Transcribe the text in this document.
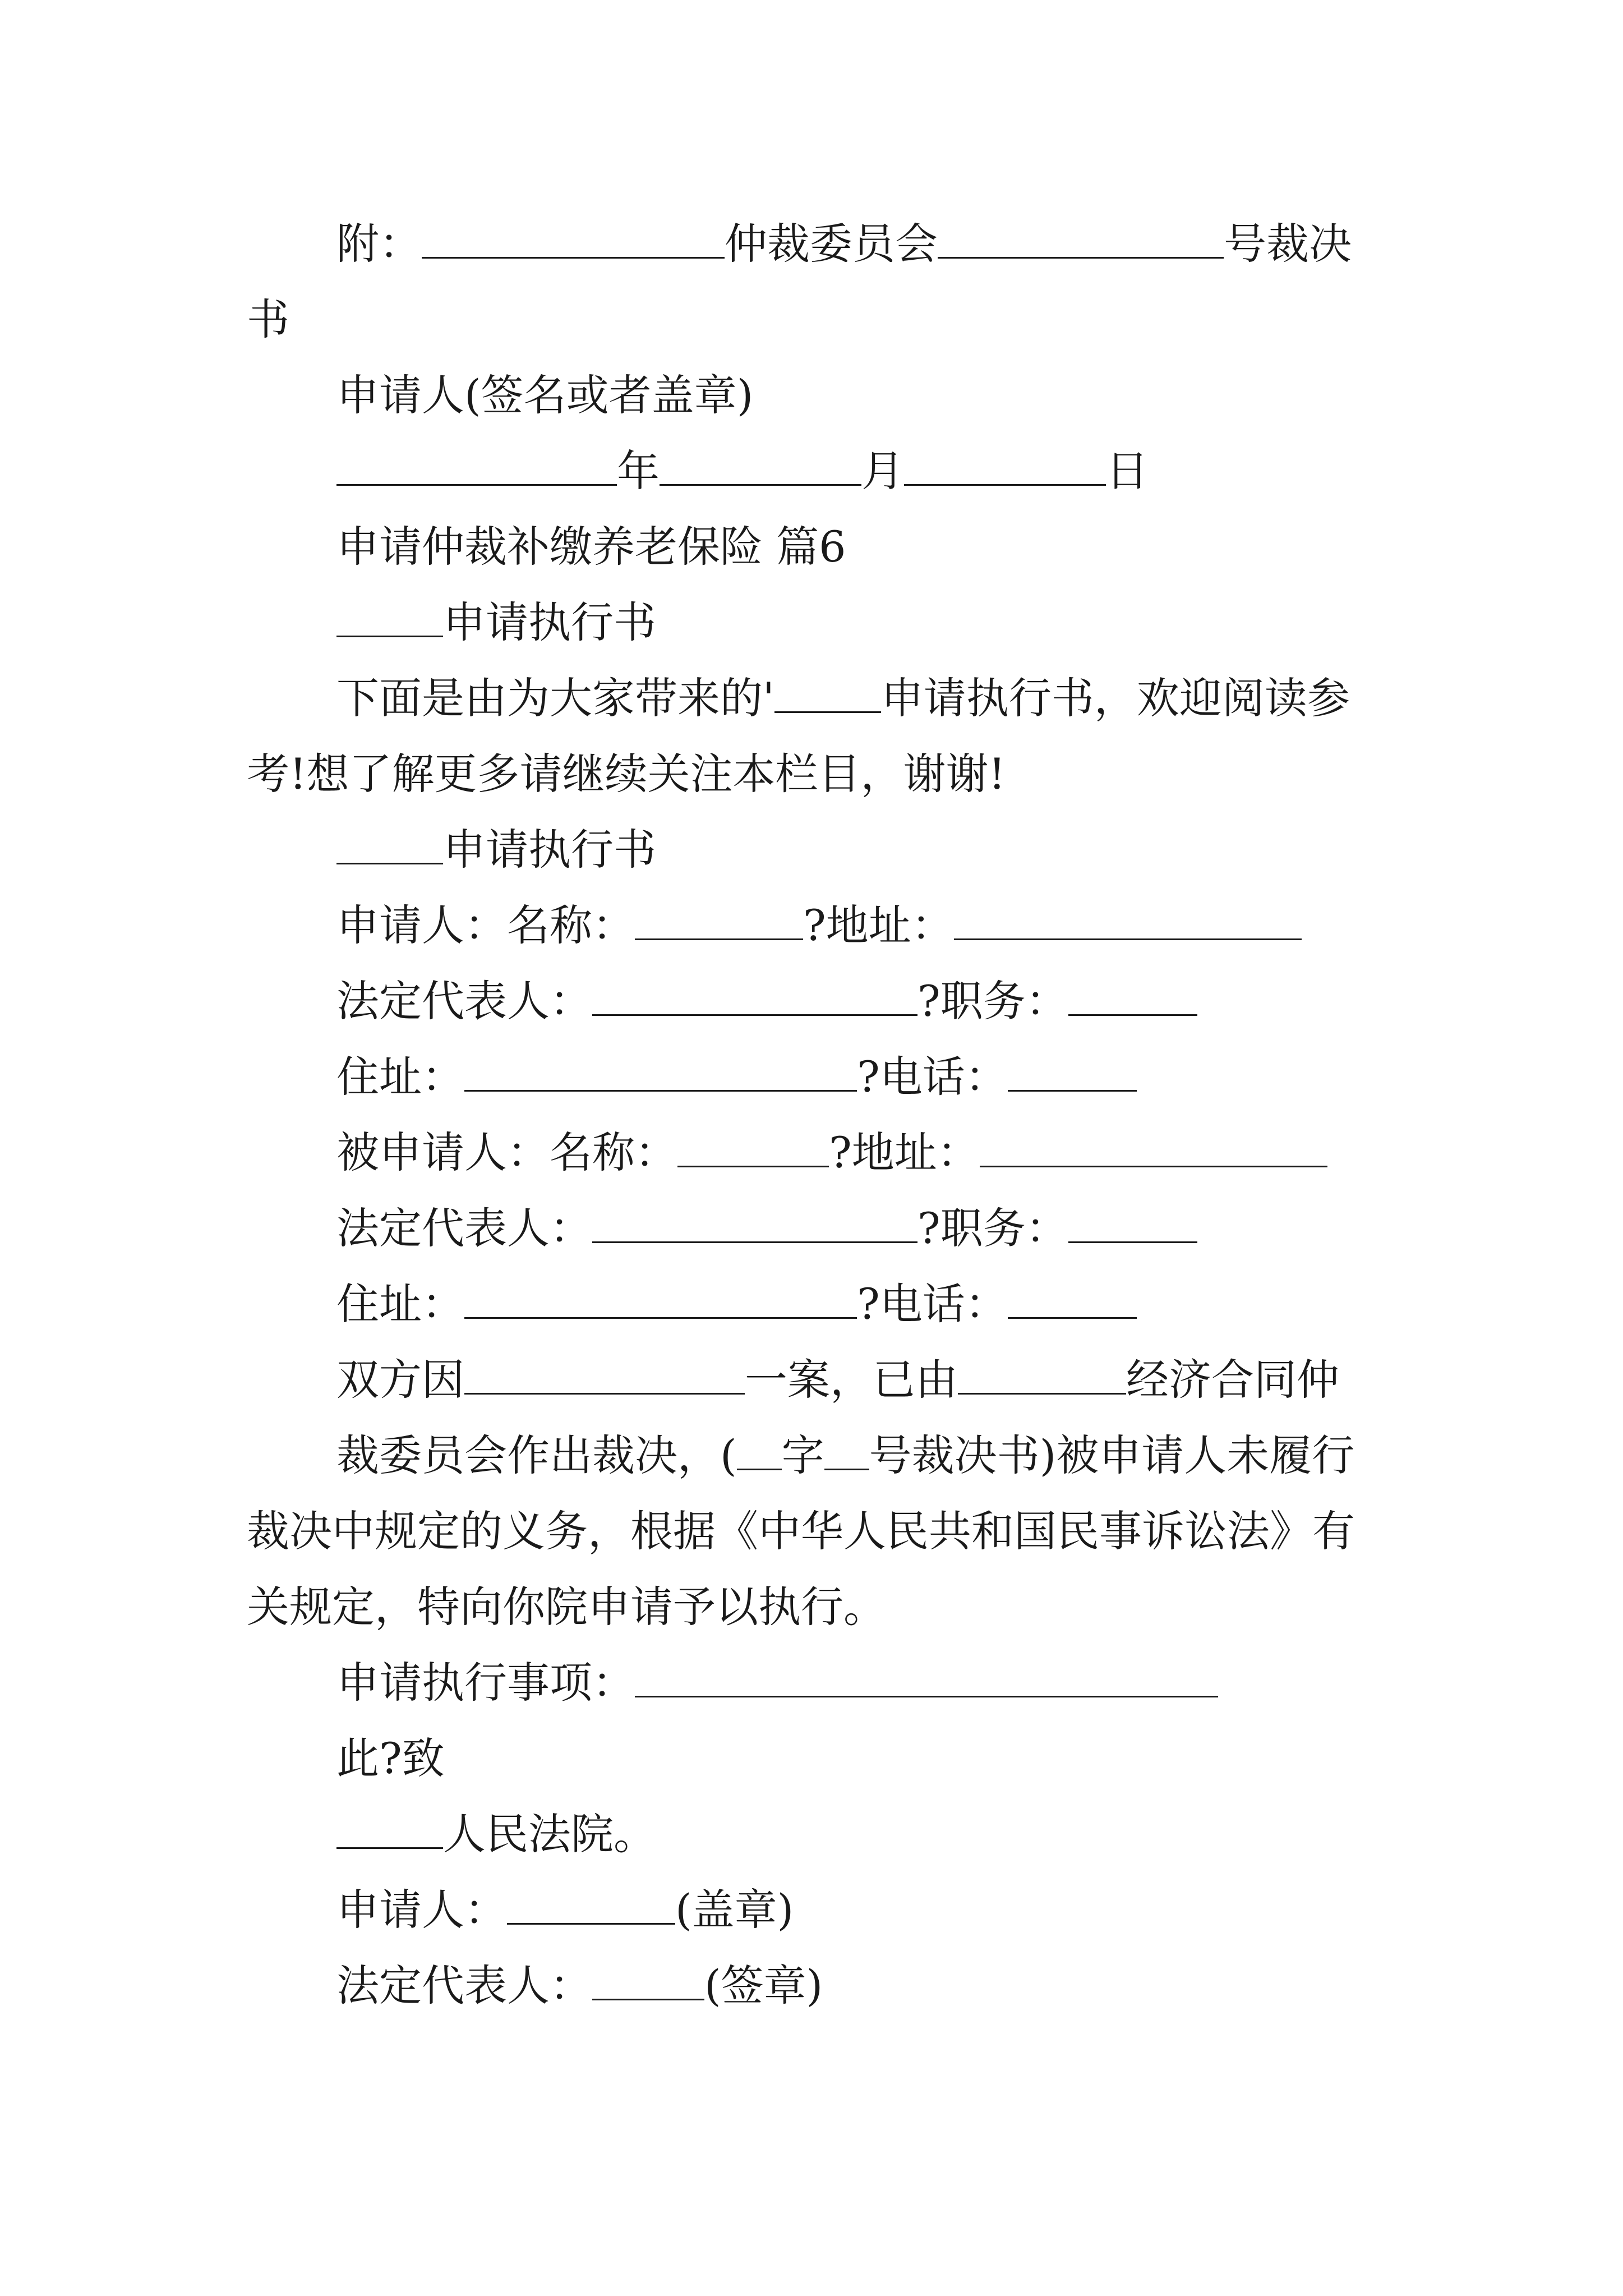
附：	仲裁委员会	号裁决
书
申请人(签名或者盖章)
年	月	日
申请仲裁补缴养老保险 篇6
申请执行书
下面是由为大家带来的'	申请执行书，欢迎阅读参
考!想了解更多请继续关注本栏目，谢谢!
申请执行书
申请人：名称：	?地址：
法定代表人：	?职务：
住址：	?电话：
被申请人：名称：	?地址：
法定代表人：	?职务：
住址：	?电话：
双方因	一案，已由	经济合同仲
裁委员会作出裁决，( 字 号裁决书)被申请人未履行
裁决中规定的义务，根据《中华人民共和国民事诉讼法》有
关规定，特向你院申请予以执行。
申请执行事项：
此?致
人民法院。
申请人：	(盖章)
法定代表人：	(签章)
